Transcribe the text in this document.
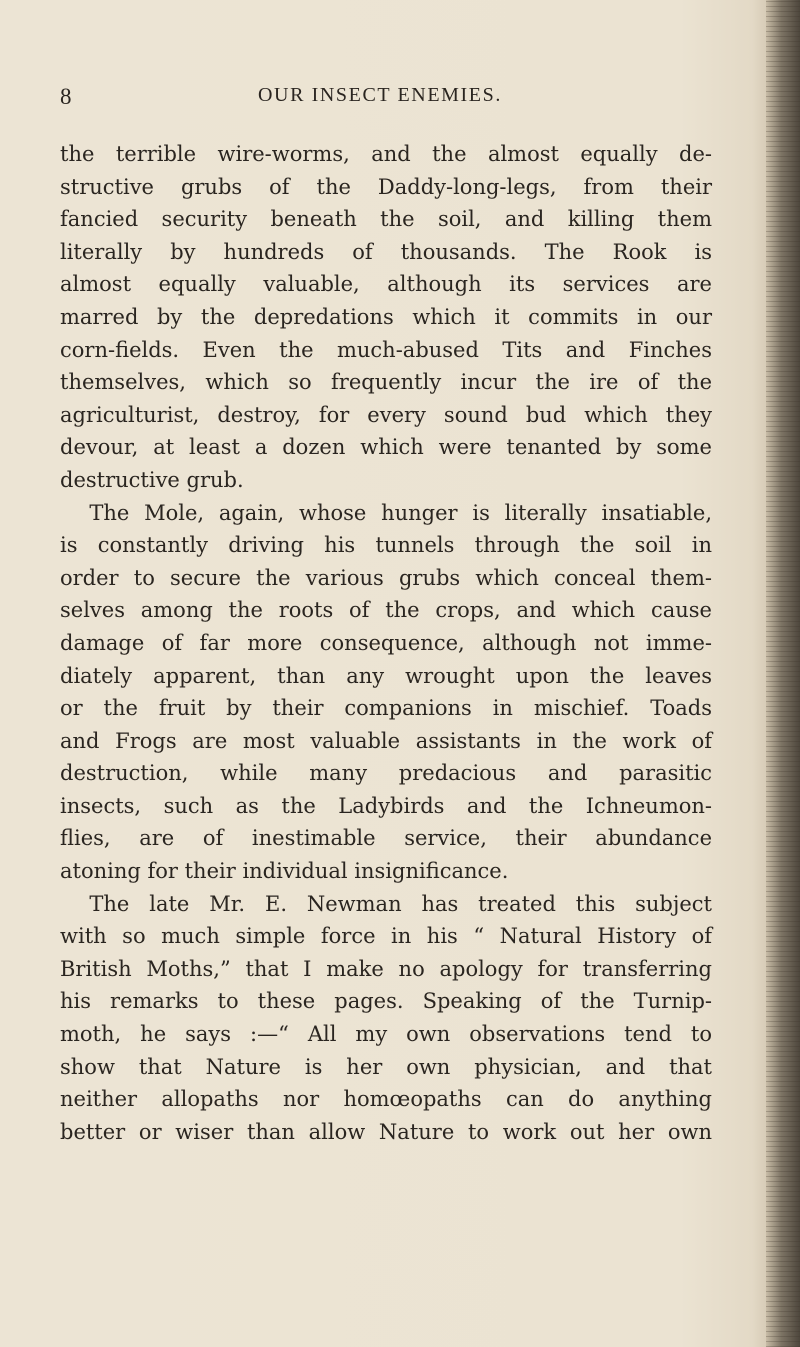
8	OUR INSECT ENEMIES.
the terrible wire-worms, and the almost equally de-
structive grubs of the Daddy-long-legs, from their
fancied security beneath the soil, and killing them
literally by hundreds of thousands. The Rook is
almost equally valuable, although its services are
marred by the depredations which it commits in our
corn-fields. Even the much-abused Tits and Finches
themselves, which so frequently incur the ire of the
agriculturist, destroy, for every sound bud which they
devour, at least a dozen which were tenanted by some
destructive grub.
The Mole, again, whose hunger is literally insatiable,
is constantly driving his tunnels through the soil in
order to secure the various grubs which conceal them-
selves among the roots of the crops, and which cause
damage of far more consequence, although not imme-
diately apparent, than any wrought upon the leaves
or the fruit by their companions in mischief. Toads
and Frogs are most valuable assistants in the work of
destruction, while many predacious and parasitic
insects, such as the Ladybirds and the Ichneumon-
flies, are of inestimable service, their abundance
atoning for their individual insignificance.
The late Mr. E. Newman has treated this subject
with so much simple force in his “ Natural History of
British Moths,” that I make no apology for transferring
his remarks to these pages. Speaking of the Turnip-
moth, he says :—“ All my own observations tend to
show that Nature is her own physician, and that
neither allopaths nor homœopaths can do anything
better or wiser than allow Nature to work out her own
